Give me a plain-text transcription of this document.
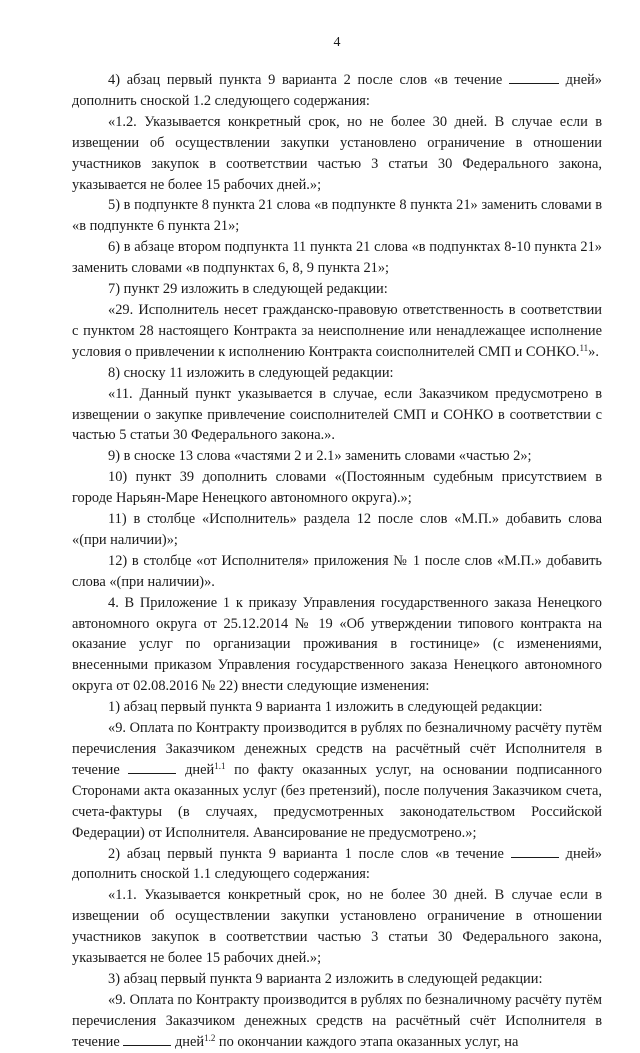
4

4) абзац первый пункта 9 варианта 2 после слов «в течение	дней» дополнить сноской 1.2 следующего содержания:

«1.2. Указывается конкретный срок, но не более 30 дней. В случае если в извещении об осуществлении закупки установлено ограничение в отношении участников закупок в соответствии частью 3 статьи 30 Федерального закона, указывается не более 15 рабочих дней.»;

5) в подпункте 8 пункта 21 слова «в подпункте 8 пункта 21» заменить словами в «в подпункте 6 пункта 21»;

6) в абзаце втором подпункта 11 пункта 21 слова «в подпунктах 8-10 пункта 21» заменить словами «в подпунктах 6, 8, 9 пункта 21»;

7) пункт 29 изложить в следующей редакции:

«29. Исполнитель несет гражданско-правовую ответственность в соответствии с пунктом 28 настоящего Контракта за неисполнение или ненадлежащее исполнение условия о привлечении к исполнению Контракта соисполнителей СМП и СОНКО.$^{11}$».

8) сноску 11 изложить в следующей редакции:

«11. Данный пункт указывается в случае, если Заказчиком предусмотрено в извещении о закупке привлечение соисполнителей СМП и СОНКО в соответствии с частью 5 статьи 30 Федерального закона.».

9) в сноске 13 слова «частями 2 и 2.1» заменить словами «частью 2»;

10) пункт 39 дополнить словами «(Постоянным судебным присутствием в городе Нарьян-Маре Ненецкого автономного округа).»;

11) в столбце «Исполнитель» раздела 12 после слов «М.П.» добавить слова «(при наличии)»;

12) в столбце «от Исполнителя» приложения № 1 после слов «М.П.» добавить слова «(при наличии)».

4. В Приложение 1 к приказу Управления государственного заказа Ненецкого автономного округа от 25.12.2014 № 19 «Об утверждении типового контракта на оказание услуг по организации проживания в гостинице» (с изменениями, внесенными приказом Управления государственного заказа Ненецкого автономного округа от 02.08.2016 № 22) внести следующие изменения:

1) абзац первый пункта 9 варианта 1 изложить в следующей редакции:

«9. Оплата по Контракту производится в рублях по безналичному расчёту путём перечисления Заказчиком денежных средств на расчётный счёт Исполнителя в течение	дней$^{1.1}$ по факту оказанных услуг, на основании подписанного Сторонами акта оказанных услуг (без претензий), после получения Заказчиком счета, счета-фактуры (в случаях, предусмотренных законодательством Российской Федерации) от Исполнителя. Авансирование не предусмотрено.»;

2) абзац первый пункта 9 варианта 1 после слов «в течение	дней» дополнить сноской 1.1 следующего содержания:

«1.1. Указывается конкретный срок, но не более 30 дней. В случае если в извещении об осуществлении закупки установлено ограничение в отношении участников закупок в соответствии частью 3 статьи 30 Федерального закона, указывается не более 15 рабочих дней.»;

3) абзац первый пункта 9 варианта 2 изложить в следующей редакции:

«9. Оплата по Контракту производится в рублях по безналичному расчёту путём перечисления Заказчиком денежных средств на расчётный счёт Исполнителя в течение	дней$^{1.2}$ по окончании каждого этапа оказанных услуг, на
